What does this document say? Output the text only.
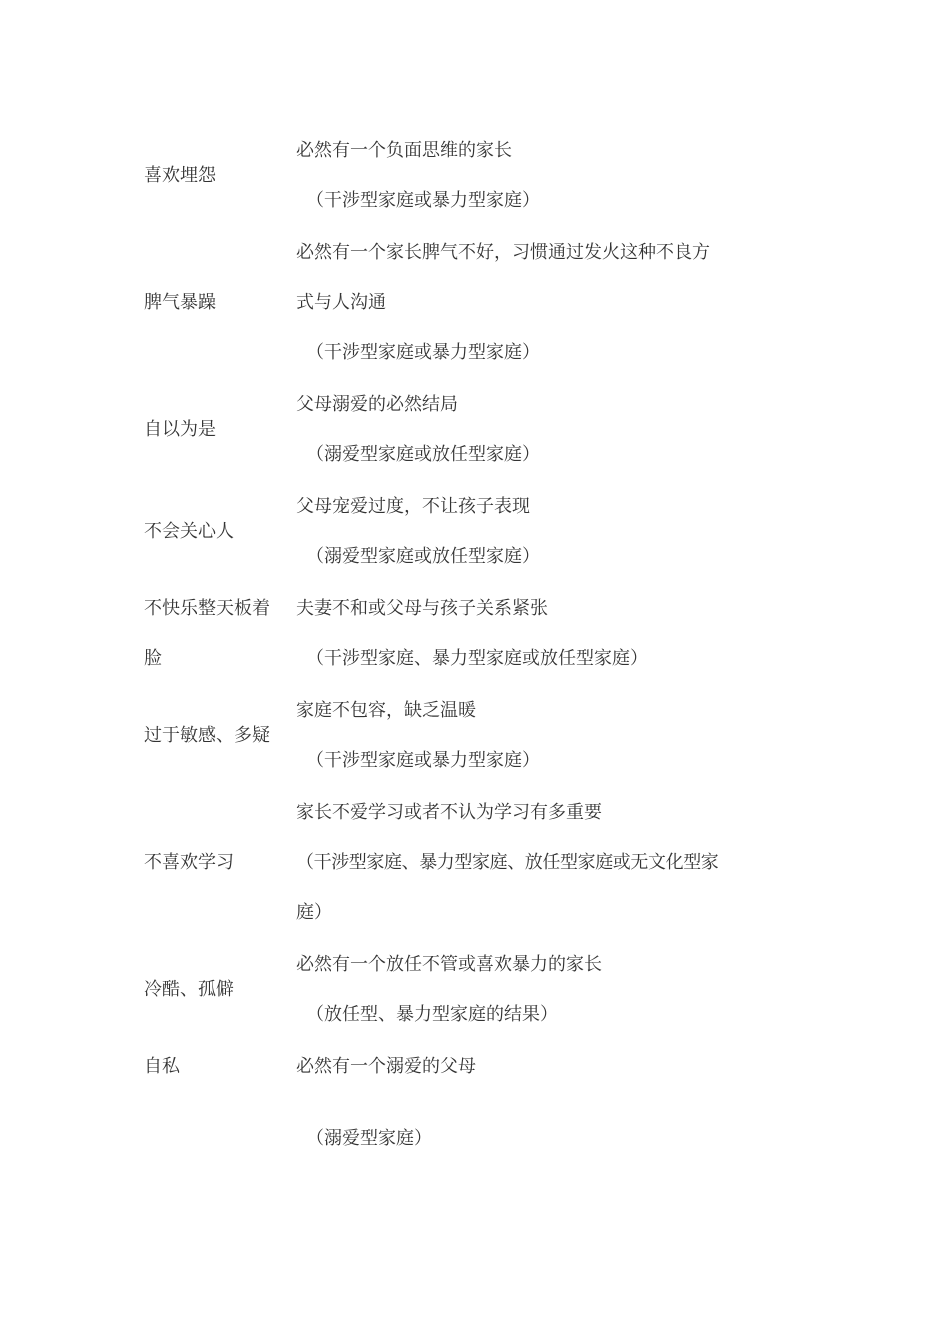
喜欢埋怨

必然有一个负面思维的家长

（干涉型家庭或暴力型家庭）

脾气暴躁

必然有一个家长脾气不好，习惯通过发火这种不良方

式与人沟通

（干涉型家庭或暴力型家庭）

自以为是

父母溺爱的必然结局

（溺爱型家庭或放任型家庭）

不会关心人

父母宠爱过度，不让孩子表现

（溺爱型家庭或放任型家庭）

不快乐整天板着

脸

夫妻不和或父母与孩子关系紧张

（干涉型家庭、暴力型家庭或放任型家庭）

过于敏感、多疑

家庭不包容，缺乏温暖

（干涉型家庭或暴力型家庭）

不喜欢学习

家长不爱学习或者不认为学习有多重要

（干涉型家庭、暴力型家庭、放任型家庭或无文化型家

庭）

冷酷、孤僻

必然有一个放任不管或喜欢暴力的家长

（放任型、暴力型家庭的结果）

自私	必然有一个溺爱的父母

（溺爱型家庭）
